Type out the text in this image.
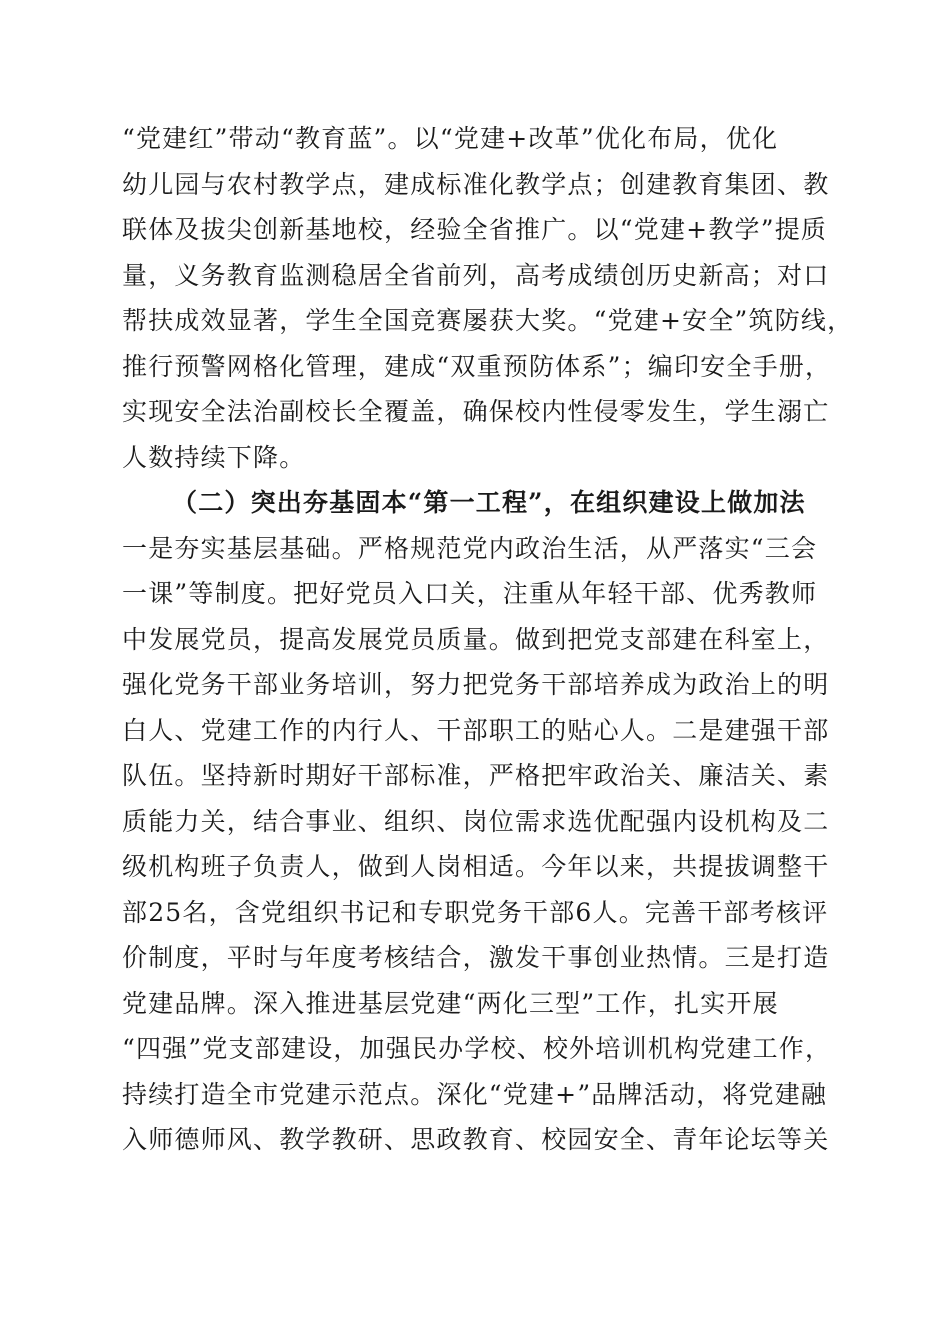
“党建红”带动“教育蓝”。以“党建+改革”优化布局，优化
幼儿园与农村教学点，建成标准化教学点；创建教育集团、教
联体及拔尖创新基地校，经验全省推广。以“党建+教学”提质
量，义务教育监测稳居全省前列，高考成绩创历史新高；对口
帮扶成效显著，学生全国竞赛屡获大奖。“党建+安全”筑防线，
推行预警网格化管理，建成“双重预防体系”；编印安全手册，
实现安全法治副校长全覆盖，确保校内性侵零发生，学生溺亡
人数持续下降。
（二）突出夯基固本“第一工程”，在组织建设上做加法
一是夯实基层基础。严格规范党内政治生活，从严落实“三会
一课”等制度。把好党员入口关，注重从年轻干部、优秀教师
中发展党员，提高发展党员质量。做到把党支部建在科室上，
强化党务干部业务培训，努力把党务干部培养成为政治上的明
白人、党建工作的内行人、干部职工的贴心人。二是建强干部
队伍。坚持新时期好干部标准，严格把牢政治关、廉洁关、素
质能力关，结合事业、组织、岗位需求选优配强内设机构及二
级机构班子负责人，做到人岗相适。今年以来，共提拔调整干
部25名，含党组织书记和专职党务干部6人。完善干部考核评
价制度，平时与年度考核结合，激发干事创业热情。三是打造
党建品牌。深入推进基层党建“两化三型”工作，扎实开展
“四强”党支部建设，加强民办学校、校外培训机构党建工作，
持续打造全市党建示范点。深化“党建+”品牌活动，将党建融
入师德师风、教学教研、思政教育、校园安全、青年论坛等关
